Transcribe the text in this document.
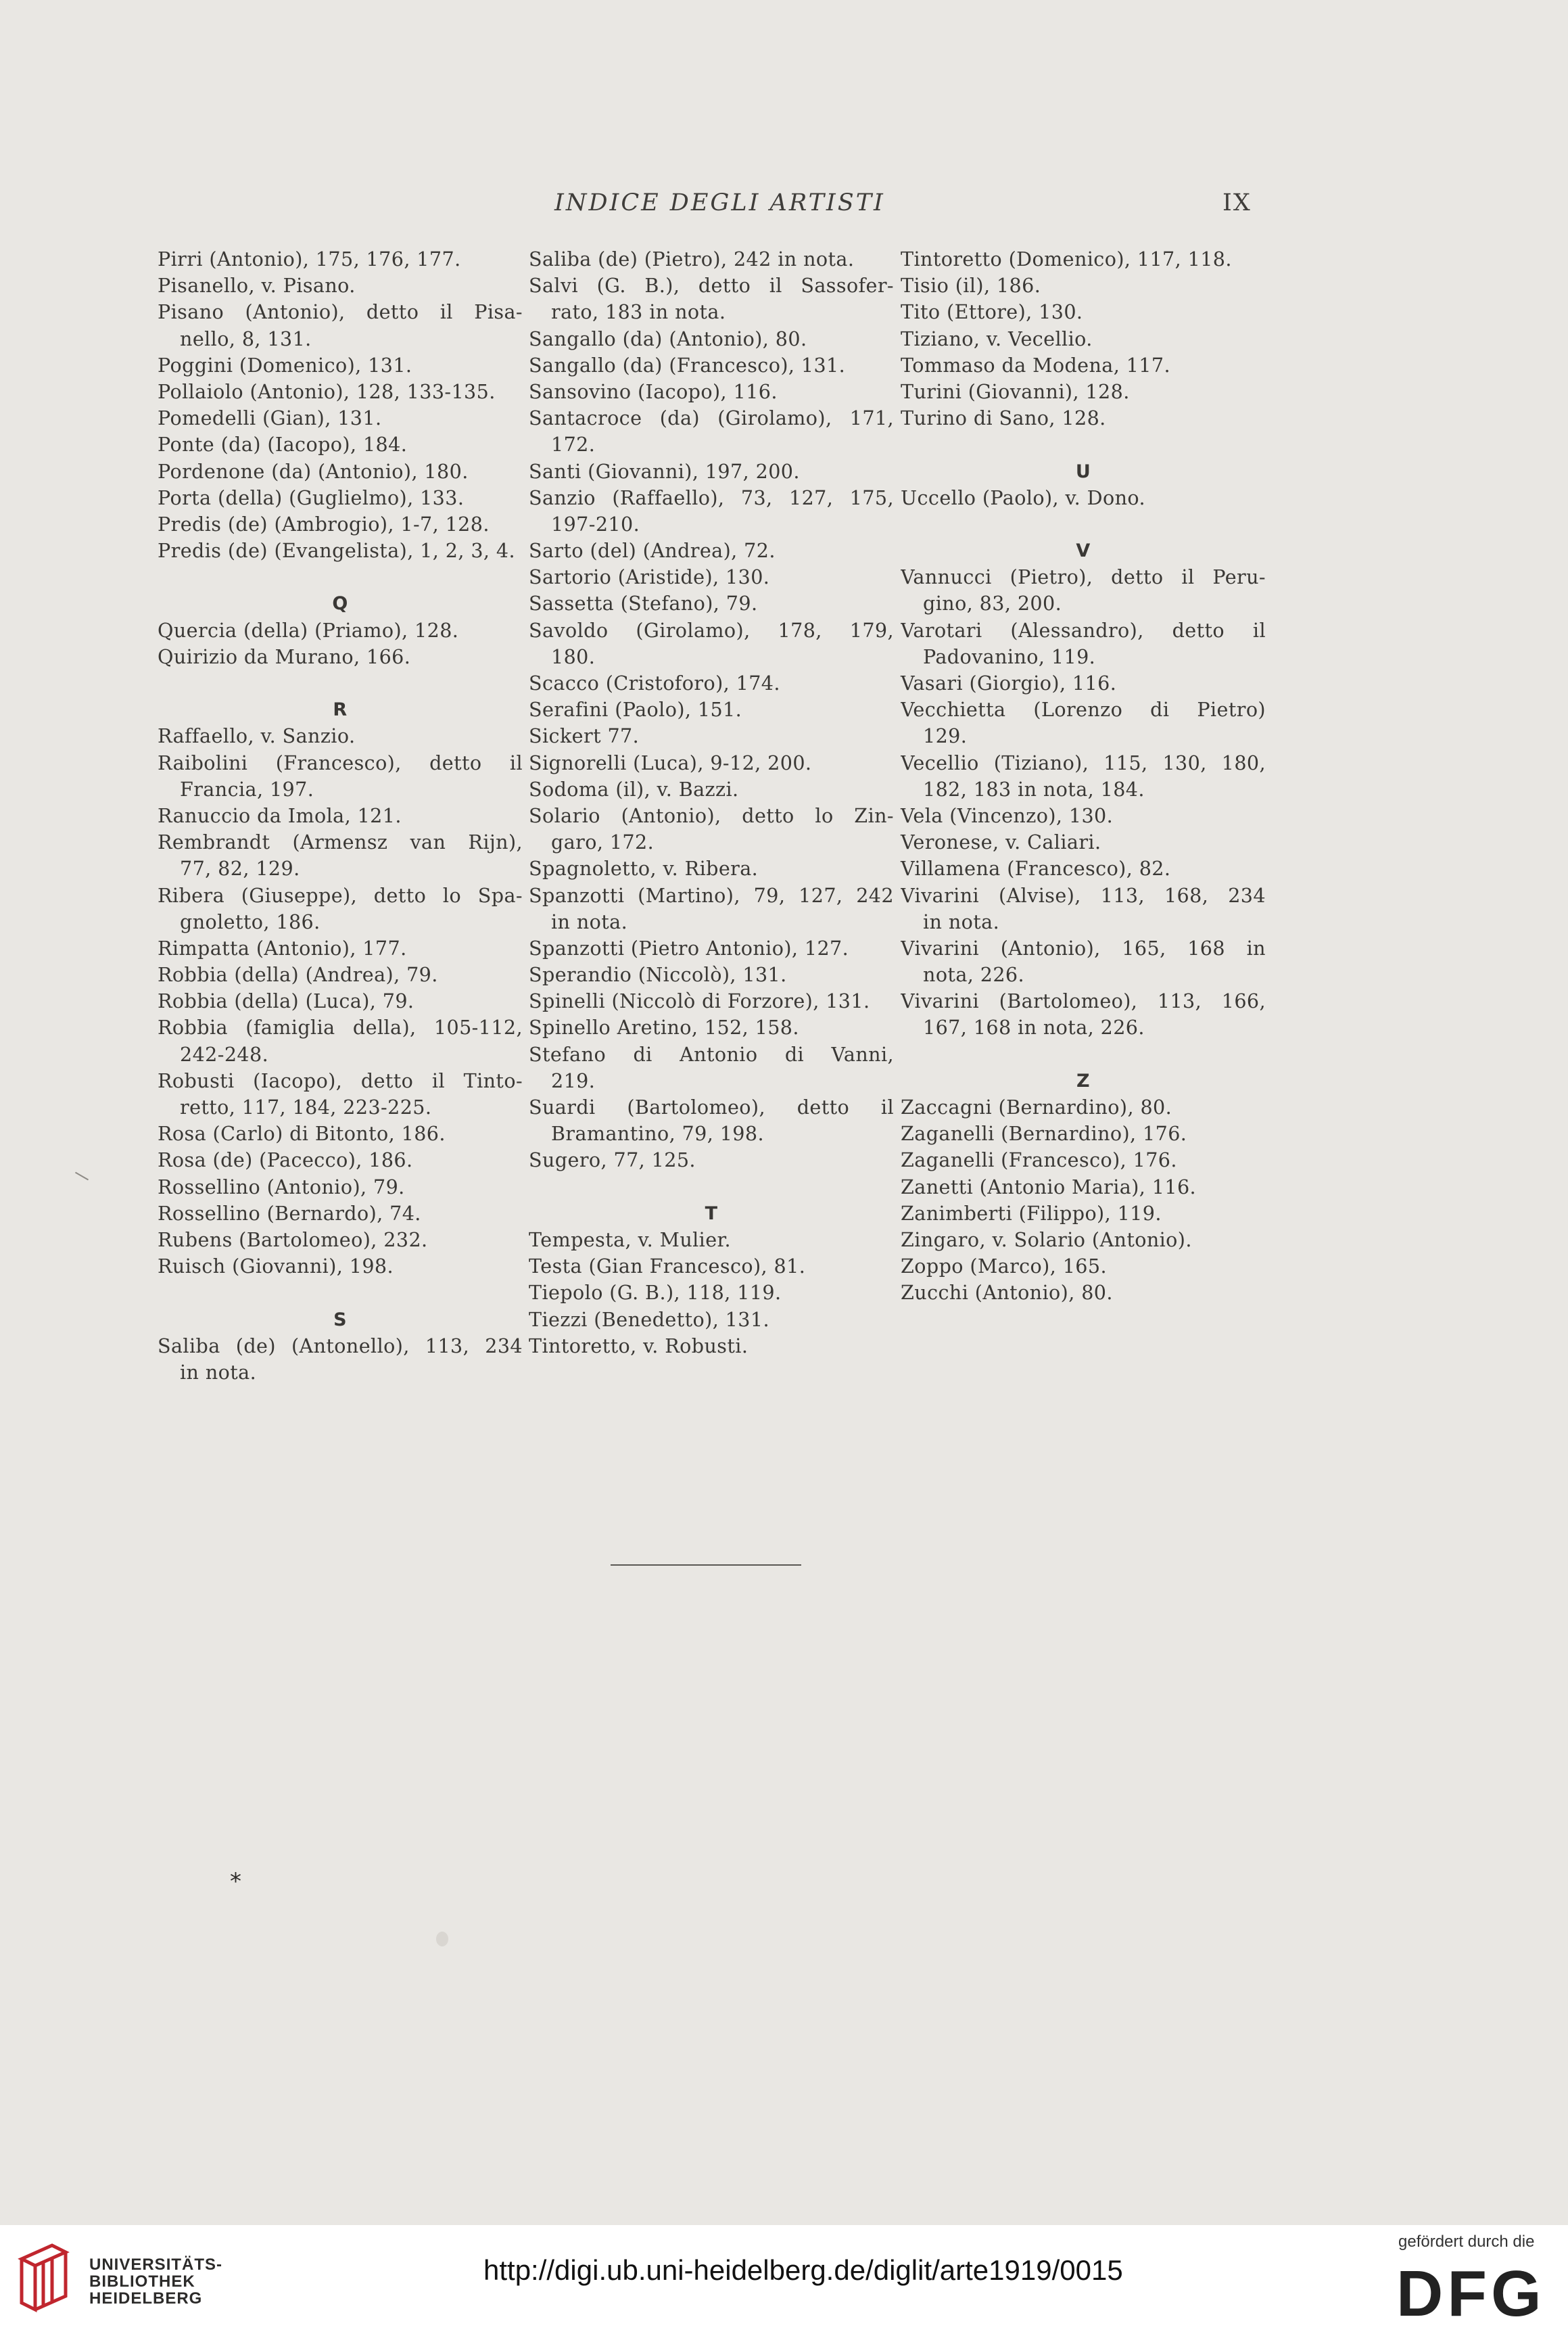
INDICE DEGLI ARTISTI	IX
Pirri (Antonio), 175, 176, 177.
Pisanello, v. Pisano.
Pisano (Antonio), detto il Pisa-
nello, 8, 131.
Poggini (Domenico), 131.
Pollaiolo (Antonio), 128, 133-135.
Pomedelli (Gian), 131.
Ponte (da) (Iacopo), 184.
Pordenone (da) (Antonio), 180.
Porta (della) (Guglielmo), 133.
Predis (de) (Ambrogio), 1-7, 128.
Predis (de) (Evangelista), 1, 2, 3, 4.
Q
Quercia (della) (Priamo), 128.
Quirizio da Murano, 166.
R
Raffaello, v. Sanzio.
Raibolini (Francesco), detto il
Francia, 197.
Ranuccio da Imola, 121.
Rembrandt (Armensz van Rijn),
77, 82, 129.
Ribera (Giuseppe), detto lo Spa-
gnoletto, 186.
Rimpatta (Antonio), 177.
Robbia (della) (Andrea), 79.
Robbia (della) (Luca), 79.
Robbia (famiglia della), 105-112,
242-248.
Robusti (Iacopo), detto il Tinto-
retto, 117, 184, 223-225.
Rosa (Carlo) di Bitonto, 186.
Rosa (de) (Pacecco), 186.
Rossellino (Antonio), 79.
Rossellino (Bernardo), 74.
Rubens (Bartolomeo), 232.
Ruisch (Giovanni), 198.
S
Saliba (de) (Antonello), 113, 234
in nota.
Saliba (de) (Pietro), 242 in nota.
Salvi (G. B.), detto il Sassofer-
rato, 183 in nota.
Sangallo (da) (Antonio), 80.
Sangallo (da) (Francesco), 131.
Sansovino (Iacopo), 116.
Santacroce (da) (Girolamo), 171,
172.
Santi (Giovanni), 197, 200.
Sanzio (Raffaello), 73, 127, 175,
197-210.
Sarto (del) (Andrea), 72.
Sartorio (Aristide), 130.
Sassetta (Stefano), 79.
Savoldo (Girolamo), 178, 179,
180.
Scacco (Cristoforo), 174.
Serafini (Paolo), 151.
Sickert 77.
Signorelli (Luca), 9-12, 200.
Sodoma (il), v. Bazzi.
Solario (Antonio), detto lo Zin-
garo, 172.
Spagnoletto, v. Ribera.
Spanzotti (Martino), 79, 127, 242
in nota.
Spanzotti (Pietro Antonio), 127.
Sperandio (Niccolò), 131.
Spinelli (Niccolò di Forzore), 131.
Spinello Aretino, 152, 158.
Stefano di Antonio di Vanni,
219.
Suardi (Bartolomeo), detto il
Bramantino, 79, 198.
Sugero, 77, 125.
T
Tempesta, v. Mulier.
Testa (Gian Francesco), 81.
Tiepolo (G. B.), 118, 119.
Tiezzi (Benedetto), 131.
Tintoretto, v. Robusti.
Tintoretto (Domenico), 117, 118.
Tisio (il), 186.
Tito (Ettore), 130.
Tiziano, v. Vecellio.
Tommaso da Modena, 117.
Turini (Giovanni), 128.
Turino di Sano, 128.
U
Uccello (Paolo), v. Dono.
V
Vannucci (Pietro), detto il Peru-
gino, 83, 200.
Varotari (Alessandro), detto il
Padovanino, 119.
Vasari (Giorgio), 116.
Vecchietta (Lorenzo di Pietro)
129.
Vecellio (Tiziano), 115, 130, 180,
182, 183 in nota, 184.
Vela (Vincenzo), 130.
Veronese, v. Caliari.
Villamena (Francesco), 82.
Vivarini (Alvise), 113, 168, 234
in nota.
Vivarini (Antonio), 165, 168 in
nota, 226.
Vivarini (Bartolomeo), 113, 166,
167, 168 in nota, 226.
Z
Zaccagni (Bernardino), 80.
Zaganelli (Bernardino), 176.
Zaganelli (Francesco), 176.
Zanetti (Antonio Maria), 116.
Zanimberti (Filippo), 119.
Zingaro, v. Solario (Antonio).
Zoppo (Marco), 165.
Zucchi (Antonio), 80.
*
UNIVERSITÄTS-
BIBLIOTHEK
HEIDELBERG
http://digi.ub.uni-heidelberg.de/diglit/arte1919/0015
gefördert durch die
DFG
